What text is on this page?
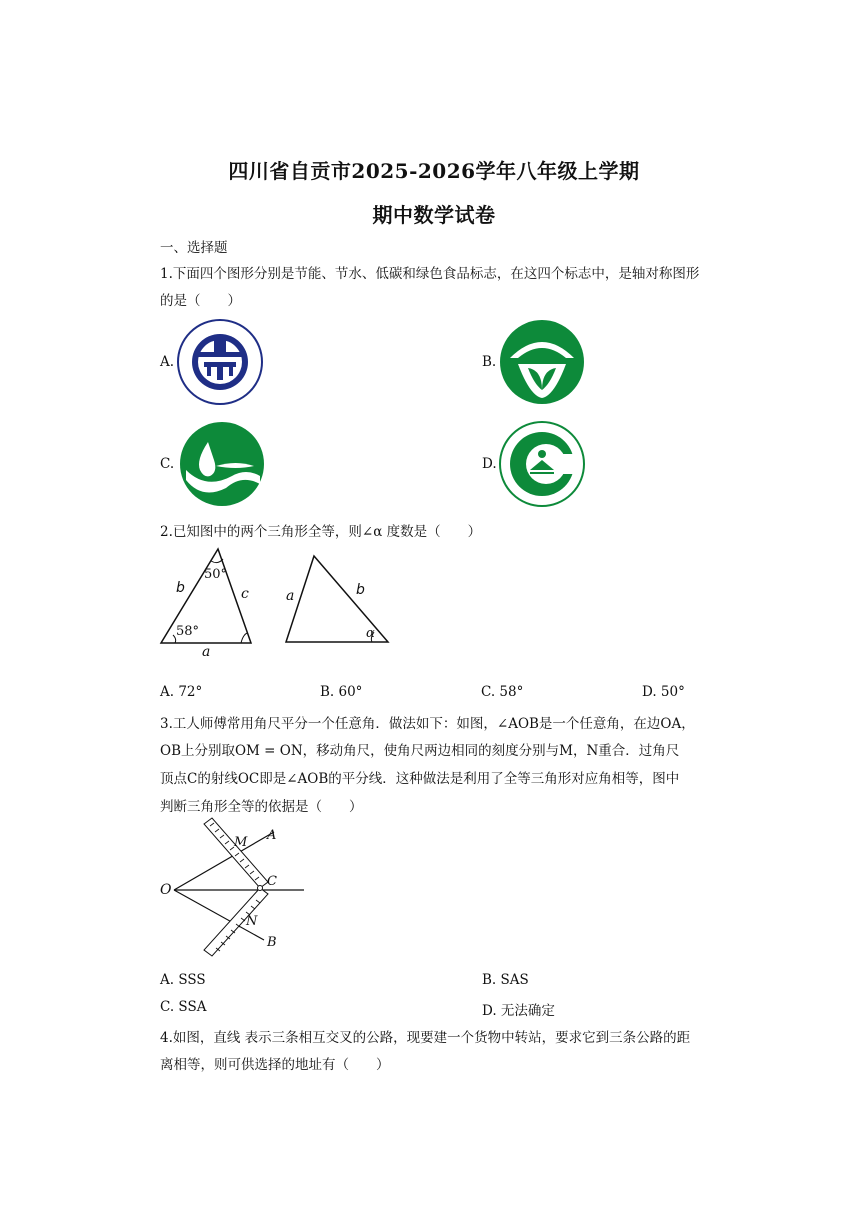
四川省自贡市2025-2026学年八年级上学期
期中数学试卷
一、选择题
1.下面四个图形分别是节能、节水、低碳和绿色食品标志，在这四个标志中，是轴对称图形
的是（　　）
A.	B.
C.	D.
2.已知图中的两个三角形全等，则∠α 度数是（　　）
50°
b	c
58°
a
a	b
α
A. 72°	B. 60°	C. 58°	D. 50°
3.工人师傅常用角尺平分一个任意角．做法如下：如图，∠AOB是一个任意角，在边OA，
OB上分别取OM = ON，移动角尺，使角尺两边相同的刻度分别与M，N重合．过角尺
顶点C的射线OC即是∠AOB的平分线．这种做法是利用了全等三角形对应角相等，图中
判断三角形全等的依据是（　　）
O
A
M
C
N
B
A. SSS	B. SAS
C. SSA	D. 无法确定
4.如图，直线 表示三条相互交叉的公路，现要建一个货物中转站，要求它到三条公路的距
离相等，则可供选择的地址有（　　）
